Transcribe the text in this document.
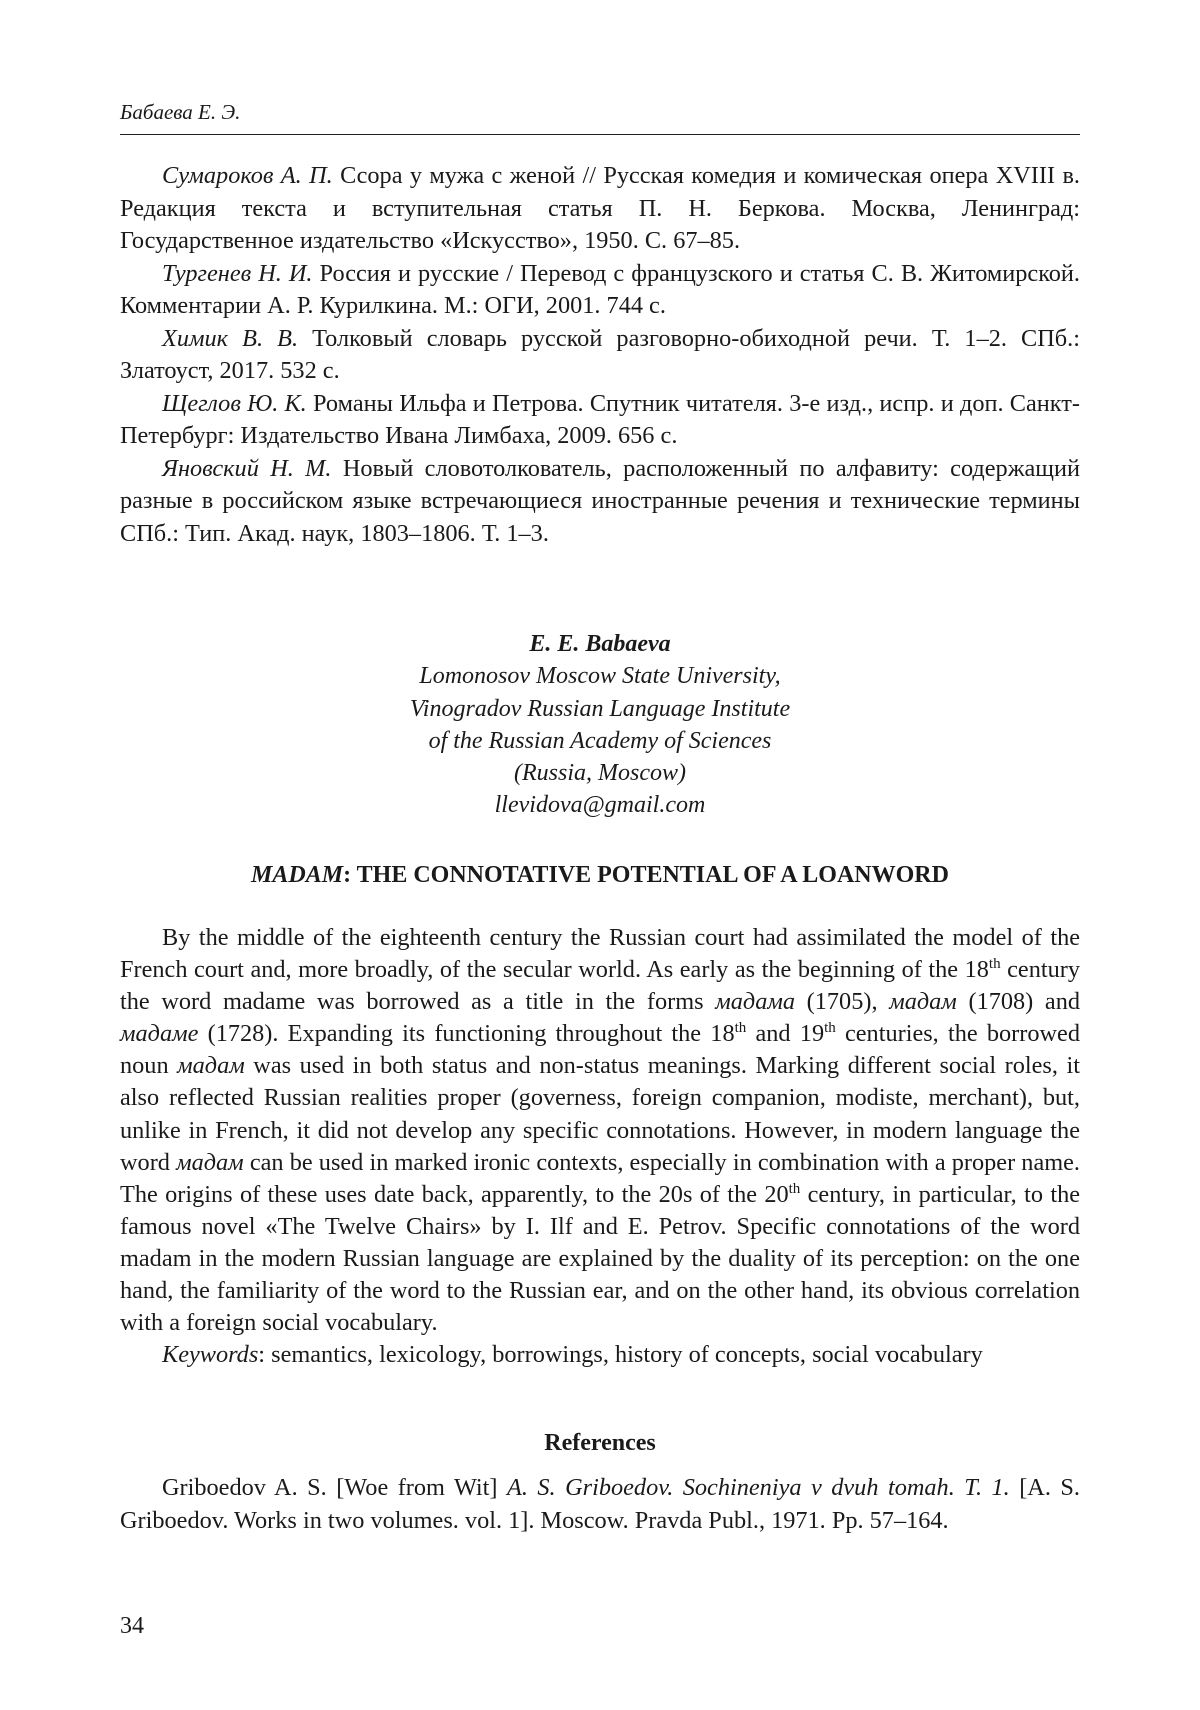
Бабаева Е. Э.

Сумароков А. П. Ссора у мужа с женой // Русская комедия и комическая опера XVIII в. Редакция текста и вступительная статья П. Н. Беркова. Москва, Ленинград: Государственное издательство «Искусство», 1950. С. 67–85.

Тургенев Н. И. Россия и русские / Перевод с французского и статья С. В. Житомирской. Комментарии А. Р. Курилкина. М.: ОГИ, 2001. 744 с.

Химик В. В. Толковый словарь русской разговорно-обиходной речи. Т. 1–2. СПб.: Златоуст, 2017. 532 с.

Щеглов Ю. К. Романы Ильфа и Петрова. Спутник читателя. 3-е изд., испр. и доп. Санкт-Петербург: Издательство Ивана Лимбаха, 2009. 656 с.

Яновский Н. М. Новый словотолкователь, расположенный по алфавиту: содержащий разные в российском языке встречающиеся иностранные речения и технические термины СПб.: Тип. Акад. наук, 1803–1806. Т. 1–3.

E. E. Babaeva
Lomonosov Moscow State University,
Vinogradov Russian Language Institute
of the Russian Academy of Sciences
(Russia, Moscow)
llevidova@gmail.com
MADAM: THE CONNOTATIVE POTENTIAL OF A LOANWORD

By the middle of the eighteenth century the Russian court had assimilated the model of the French court and, more broadly, of the secular world. As early as the beginning of the 18th century the word madame was borrowed as a title in the forms мадама (1705), мадам (1708) and мадаме (1728). Expanding its functioning throughout the 18th and 19th centuries, the borrowed noun мадам was used in both status and non-status meanings. Marking different social roles, it also reflected Russian realities proper (governess, foreign companion, modiste, merchant), but, unlike in French, it did not develop any specific connotations. However, in modern language the word мадам can be used in marked ironic contexts, especially in combination with a proper name. The origins of these uses date back, apparently, to the 20s of the 20th century, in particular, to the famous novel «The Twelve Chairs» by I. Ilf and E. Petrov. Specific connotations of the word madam in the modern Russian language are explained by the duality of its perception: on the one hand, the familiarity of the word to the Russian ear, and on the other hand, its obvious correlation with a foreign social vocabulary.

Keywords: semantics, lexicology, borrowings, history of concepts, social vocabulary

References

Griboedov A. S. [Woe from Wit] A. S. Griboedov. Sochineniya v dvuh tomah. T. 1. [A. S. Griboedov. Works in two volumes. vol. 1]. Moscow. Pravda Publ., 1971. Pp. 57–164.

34
